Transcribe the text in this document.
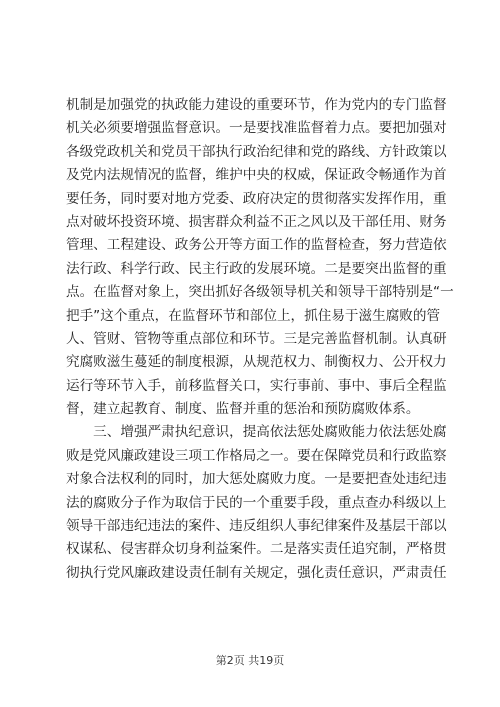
机制是加强党的执政能力建设的重要环节，作为党内的专门监督
机关必须要增强监督意识。一是要找准监督着力点。要把加强对
各级党政机关和党员干部执行政治纪律和党的路线、方针政策以
及党内法规情况的监督，维护中央的权威，保证政令畅通作为首
要任务，同时要对地方党委、政府决定的贯彻落实发挥作用，重
点对破坏投资环境、损害群众利益不正之风以及干部任用、财务
管理、工程建设、政务公开等方面工作的监督检查，努力营造依
法行政、科学行政、民主行政的发展环境。二是要突出监督的重
点。在监督对象上，突出抓好各级领导机关和领导干部特别是“一
把手”这个重点，在监督环节和部位上，抓住易于滋生腐败的管
人、管财、管物等重点部位和环节。三是完善监督机制。认真研
究腐败滋生蔓延的制度根源，从规范权力、制衡权力、公开权力
运行等环节入手，前移监督关口，实行事前、事中、事后全程监
督，建立起教育、制度、监督并重的惩治和预防腐败体系。
　　三、增强严肃执纪意识，提高依法惩处腐败能力依法惩处腐
败是党风廉政建设三项工作格局之一。要在保障党员和行政监察
对象合法权利的同时，加大惩处腐败力度。一是要把查处违纪违
法的腐败分子作为取信于民的一个重要手段，重点查办科级以上
领导干部违纪违法的案件、违反组织人事纪律案件及基层干部以
权谋私、侵害群众切身利益案件。二是落实责任追究制，严格贯
彻执行党风廉政建设责任制有关规定，强化责任意识，严肃责任
第2页 共19页
